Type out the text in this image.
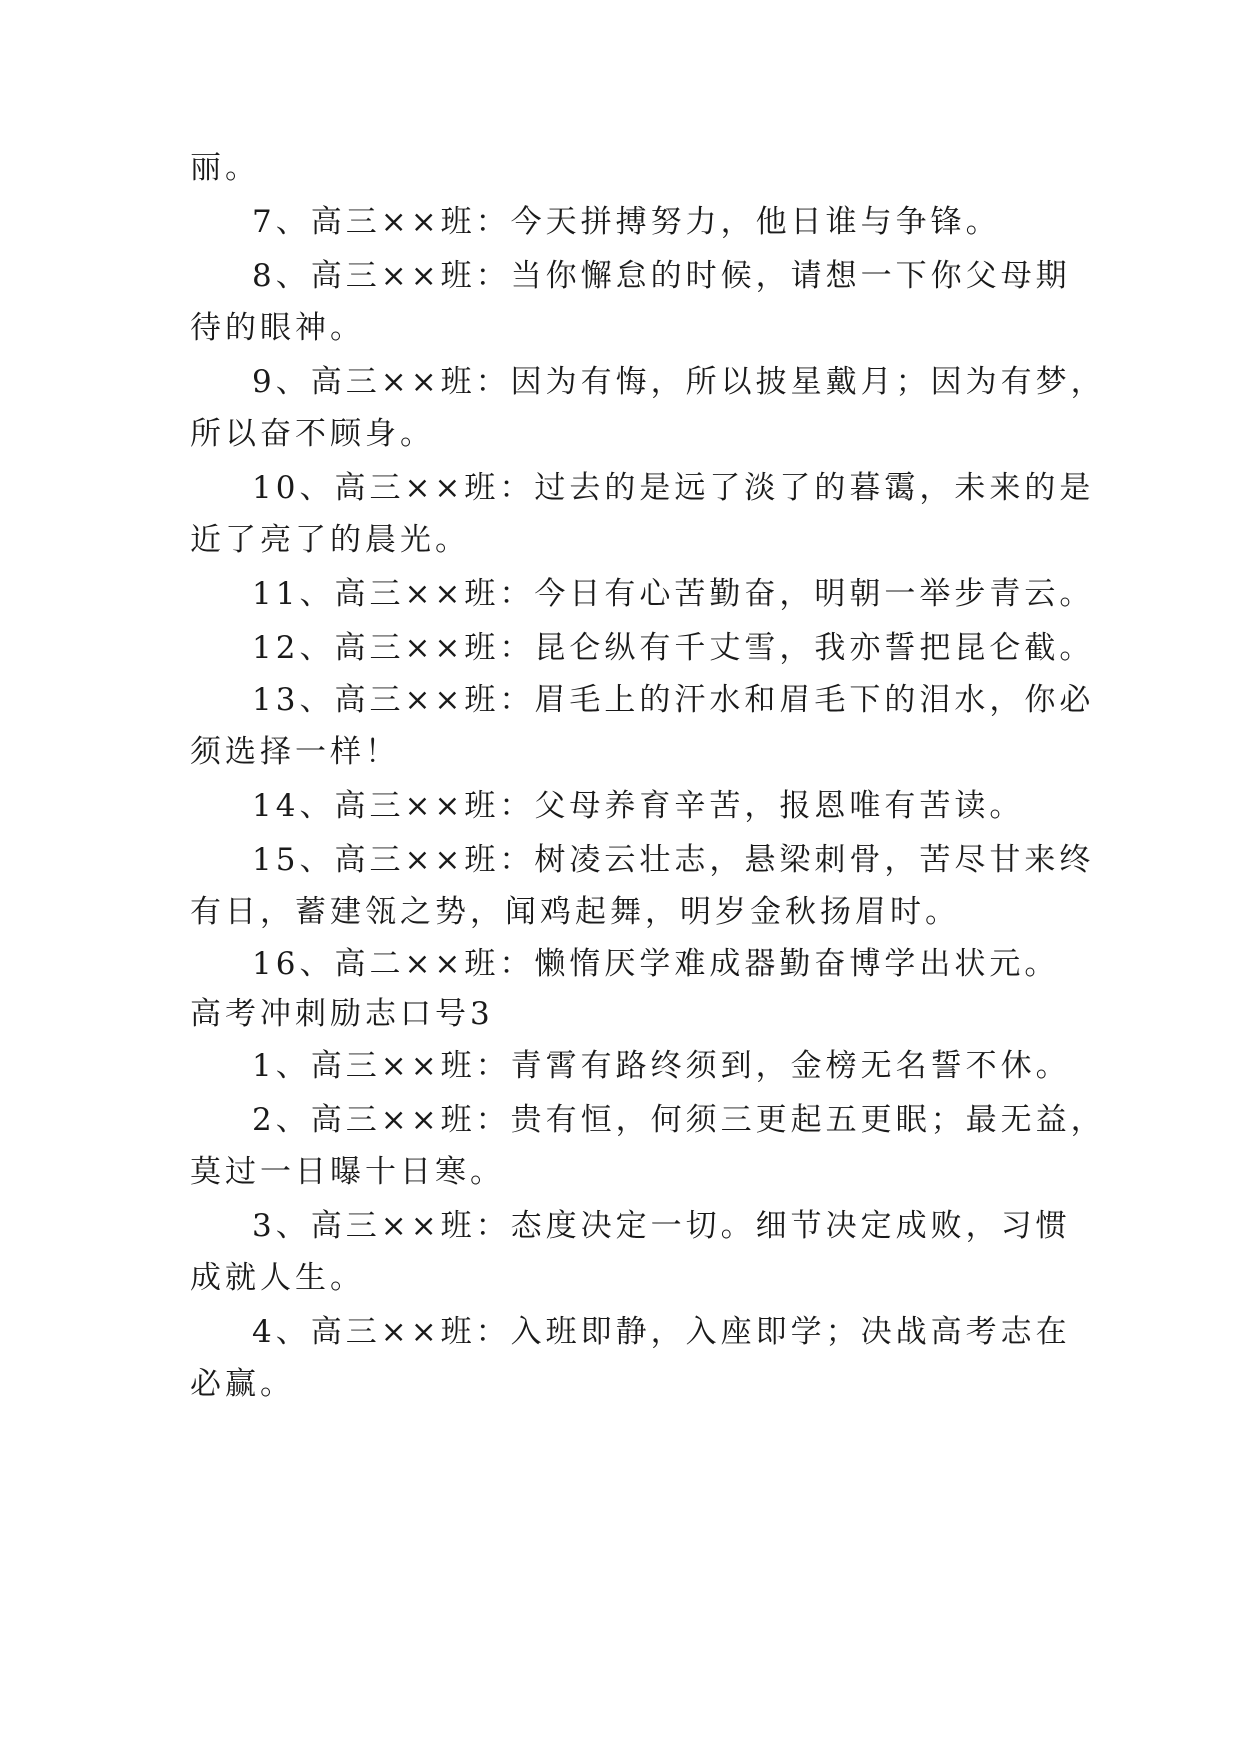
丽。
7、高三××班：今天拼搏努力，他日谁与争锋。
8、高三××班：当你懈怠的时候，请想一下你父母期
待的眼神。
9、高三××班：因为有悔，所以披星戴月；因为有梦，
所以奋不顾身。
10、高三××班：过去的是远了淡了的暮霭，未来的是
近了亮了的晨光。
11、高三××班：今日有心苦勤奋，明朝一举步青云。
12、高三××班：昆仑纵有千丈雪，我亦誓把昆仑截。
13、高三××班：眉毛上的汗水和眉毛下的泪水，你必
须选择一样！
14、高三××班：父母养育辛苦，报恩唯有苦读。
15、高三××班：树凌云壮志，悬梁刺骨，苦尽甘来终
有日，蓄建瓴之势，闻鸡起舞，明岁金秋扬眉时。
16、高二××班：懒惰厌学难成器勤奋博学出状元。
高考冲刺励志口号3
1、高三××班：青霄有路终须到，金榜无名誓不休。
2、高三××班：贵有恒，何须三更起五更眠；最无益，
莫过一日曝十日寒。
3、高三××班：态度决定一切。细节决定成败，习惯
成就人生。
4、高三××班：入班即静，入座即学；决战高考志在
必赢。
